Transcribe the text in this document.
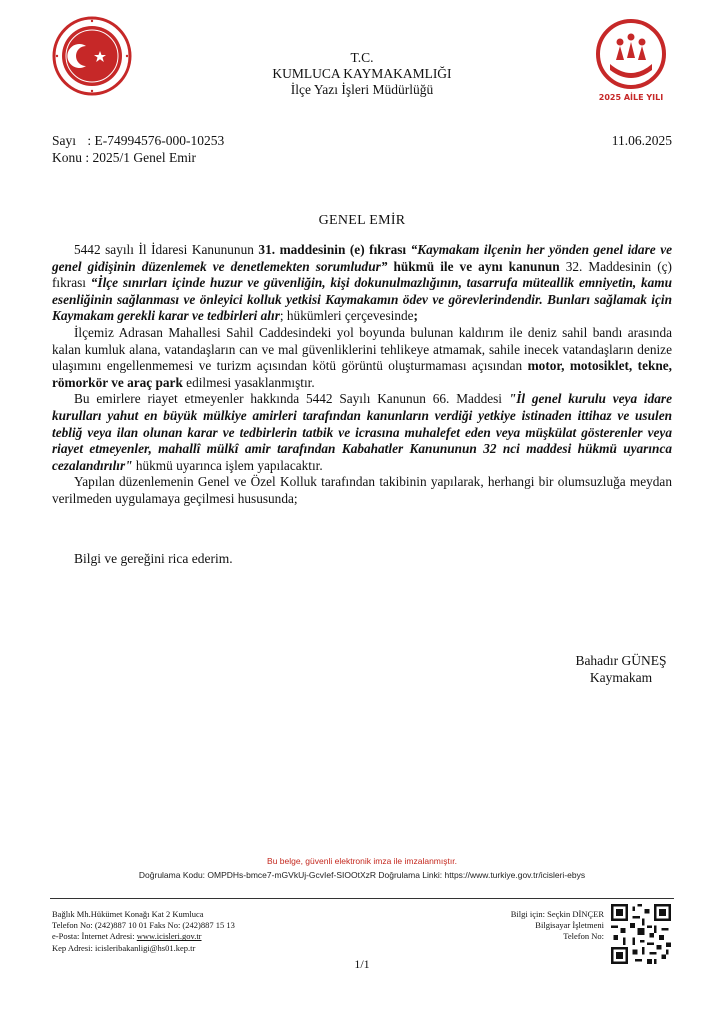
2025 AİLE YILI
T.C.
KUMLUCA KAYMAKAMLIĞI
İlçe Yazı İşleri Müdürlüğü
Sayı : E-74994576-000-10253
Konu : 2025/1 Genel Emir
11.06.2025
GENEL EMİR

5442 sayılı İl İdaresi Kanununun 31. maddesinin (e) fıkrası “Kaymakam ilçenin her yönden genel idare ve genel gidişinin düzenlemek ve denetlemekten sorumludur” hükmü ile ve aynı kanunun 32. Maddesinin (ç) fıkrası “İlçe sınırları içinde huzur ve güvenliğin, kişi dokunulmazlığının, tasarrufa müteallik emniyetin, kamu esenliğinin sağlanması ve önleyici kolluk yetkisi Kaymakamın ödev ve görevlerindendir. Bunları sağlamak için Kaymakam gerekli karar ve tedbirleri alır; hükümleri çerçevesinde;

İlçemiz Adrasan Mahallesi Sahil Caddesindeki yol boyunda bulunan kaldırım ile deniz sahil bandı arasında kalan kumluk alana, vatandaşların can ve mal güvenliklerini tehlikeye atmamak, sahile inecek vatandaşların denize ulaşımını engellenmemesi ve turizm açısından kötü görüntü oluşturmaması açısından motor, motosiklet, tekne, römorkör ve araç park edilmesi yasaklanmıştır.

Bu emirlere riayet etmeyenler hakkında 5442 Sayılı Kanunun 66. Maddesi "İl genel kurulu veya idare kurulları yahut en büyük mülkiye amirleri tarafından kanunların verdiği yetkiye istinaden ittihaz ve usulen tebliğ veya ilan olunan karar ve tedbirlerin tatbik ve icrasına muhalefet eden veya müşkülat gösterenler veya riayet etmeyenler, mahallî mülkî amir tarafından Kabahatler Kanununun 32 nci maddesi hükmü uyarınca cezalandırılır" hükmü uyarınca işlem yapılacaktır.

Yapılan düzenlemenin Genel ve Özel Kolluk tarafından takibinin yapılarak, herhangi bir olumsuzluğa meydan verilmeden uygulamaya geçilmesi hususunda;

Bilgi ve gereğini rica ederim.
Bahadır GÜNEŞ
Kaymakam
Bu belge, güvenli elektronik imza ile imzalanmıştır.
Doğrulama Kodu: OMPDHs-bmce7-mGVkUj-GcvIef-SIOOtXzR Doğrulama Linki: https://www.turkiye.gov.tr/icisleri-ebys
Bağlık Mh.Hükümet Konağı Kat 2 Kumluca
Telefon No: (242)887 10 01 Faks No: (242)887 15 13
e-Posta: İnternet Adresi: www.icisleri.gov.tr
Kep Adresi: icisleribakanligi@hs01.kep.tr
Bilgi için: Seçkin DİNÇER
Bilgisayar İşletmeni
Telefon No:
1/1
